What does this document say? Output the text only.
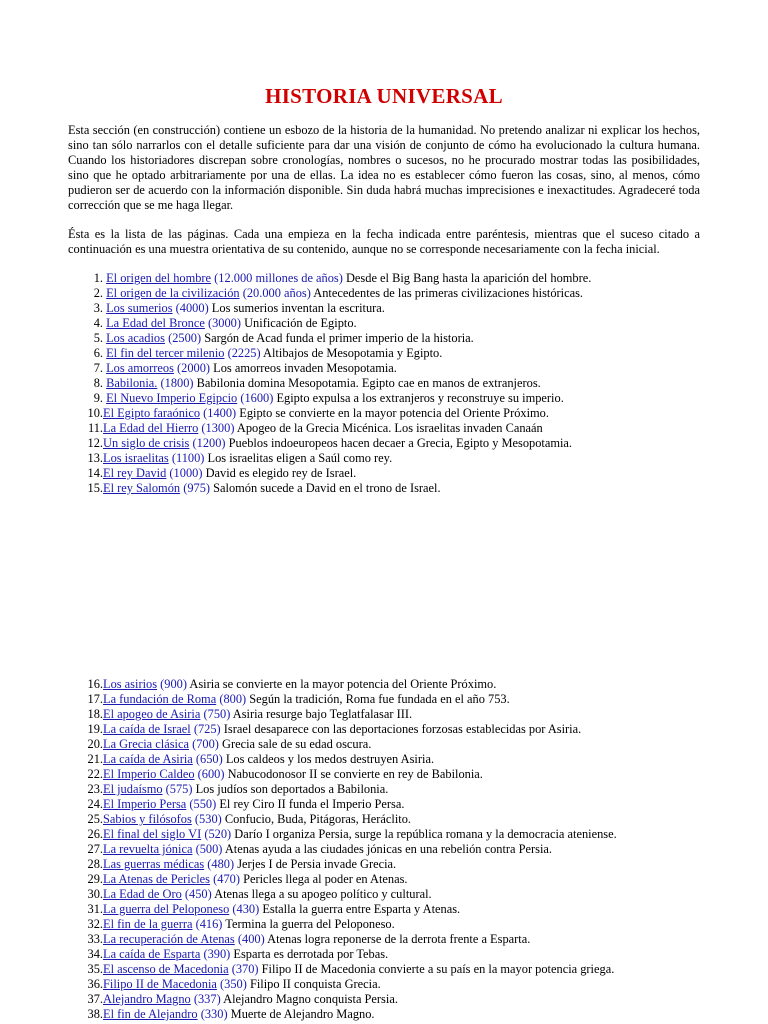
HISTORIA UNIVERSAL

Esta sección (en construcción) contiene un esbozo de la historia de la humanidad. No pretendo analizar ni explicar los hechos, sino tan sólo narrarlos con el detalle suficiente para dar una visión de conjunto de cómo ha evolucionado la cultura humana. Cuando los historiadores discrepan sobre cronologías, nombres o sucesos, no he procurado mostrar todas las posibilidades, sino que he optado arbitrariamente por una de ellas. La idea no es establecer cómo fueron las cosas, sino, al menos, cómo pudieron ser de acuerdo con la información disponible. Sin duda habrá muchas imprecisiones e inexactitudes. Agradeceré toda corrección que se me haga llegar.

Ésta es la lista de las páginas. Cada una empieza en la fecha indicada entre paréntesis, mientras que el suceso citado a continuación es una muestra orientativa de su contenido, aunque no se corresponde necesariamente con la fecha inicial.

1. El origen del hombre (12.000 millones de años) Desde el Big Bang hasta la aparición del hombre.
2. El origen de la civilización (20.000 años) Antecedentes de las primeras civilizaciones históricas.
3. Los sumerios (4000) Los sumerios inventan la escritura.
4. La Edad del Bronce (3000) Unificación de Egipto.
5. Los acadios (2500) Sargón de Acad funda el primer imperio de la historia.
6. El fin del tercer milenio (2225) Altibajos de Mesopotamia y Egipto.
7. Los amorreos (2000) Los amorreos invaden Mesopotamia.
8. Babilonia. (1800) Babilonia domina Mesopotamia. Egipto cae en manos de extranjeros.
9. El Nuevo Imperio Egipcio (1600) Egipto expulsa a los extranjeros y reconstruye su imperio.
10.El Egipto faraónico (1400) Egipto se convierte en la mayor potencia del Oriente Próximo.
11.La Edad del Hierro (1300) Apogeo de la Grecia Micénica. Los israelitas invaden Canaán
12.Un siglo de crisis (1200) Pueblos indoeuropeos hacen decaer a Grecia, Egipto y Mesopotamia.
13.Los israelitas (1100) Los israelitas eligen a Saúl como rey.
14.El rey David (1000) David es elegido rey de Israel.
15.El rey Salomón (975) Salomón sucede a David en el trono de Israel.
16.Los asirios (900) Asiria se convierte en la mayor potencia del Oriente Próximo.
17.La fundación de Roma (800) Según la tradición, Roma fue fundada en el año 753.
18.El apogeo de Asiria (750) Asiria resurge bajo Teglatfalasar III.
19.La caída de Israel (725) Israel desaparece con las deportaciones forzosas establecidas por Asiria.
20.La Grecia clásica (700) Grecia sale de su edad oscura.
21.La caída de Asiria (650) Los caldeos y los medos destruyen Asiria.
22.El Imperio Caldeo (600) Nabucodonosor II se convierte en rey de Babilonia.
23.El judaísmo (575) Los judíos son deportados a Babilonia.
24.El Imperio Persa (550) El rey Ciro II funda el Imperio Persa.
25.Sabios y filósofos (530) Confucio, Buda, Pitágoras, Heráclito.
26.El final del siglo VI (520) Darío I organiza Persia, surge la república romana y la democracia ateniense.
27.La revuelta jónica (500) Atenas ayuda a las ciudades jónicas en una rebelión contra Persia.
28.Las guerras médicas (480) Jerjes I de Persia invade Grecia.
29.La Atenas de Pericles (470) Pericles llega al poder en Atenas.
30.La Edad de Oro (450) Atenas llega a su apogeo político y cultural.
31.La guerra del Peloponeso (430) Estalla la guerra entre Esparta y Atenas.
32.El fin de la guerra (416) Termina la guerra del Peloponeso.
33.La recuperación de Atenas (400) Atenas logra reponerse de la derrota frente a Esparta.
34.La caída de Esparta (390) Esparta es derrotada por Tebas.
35.El ascenso de Macedonia (370) Filipo II de Macedonia convierte a su país en la mayor potencia griega.
36.Filipo II de Macedonia (350) Filipo II conquista Grecia.
37.Alejandro Magno (337) Alejandro Magno conquista Persia.
38.El fin de Alejandro (330) Muerte de Alejandro Magno.
